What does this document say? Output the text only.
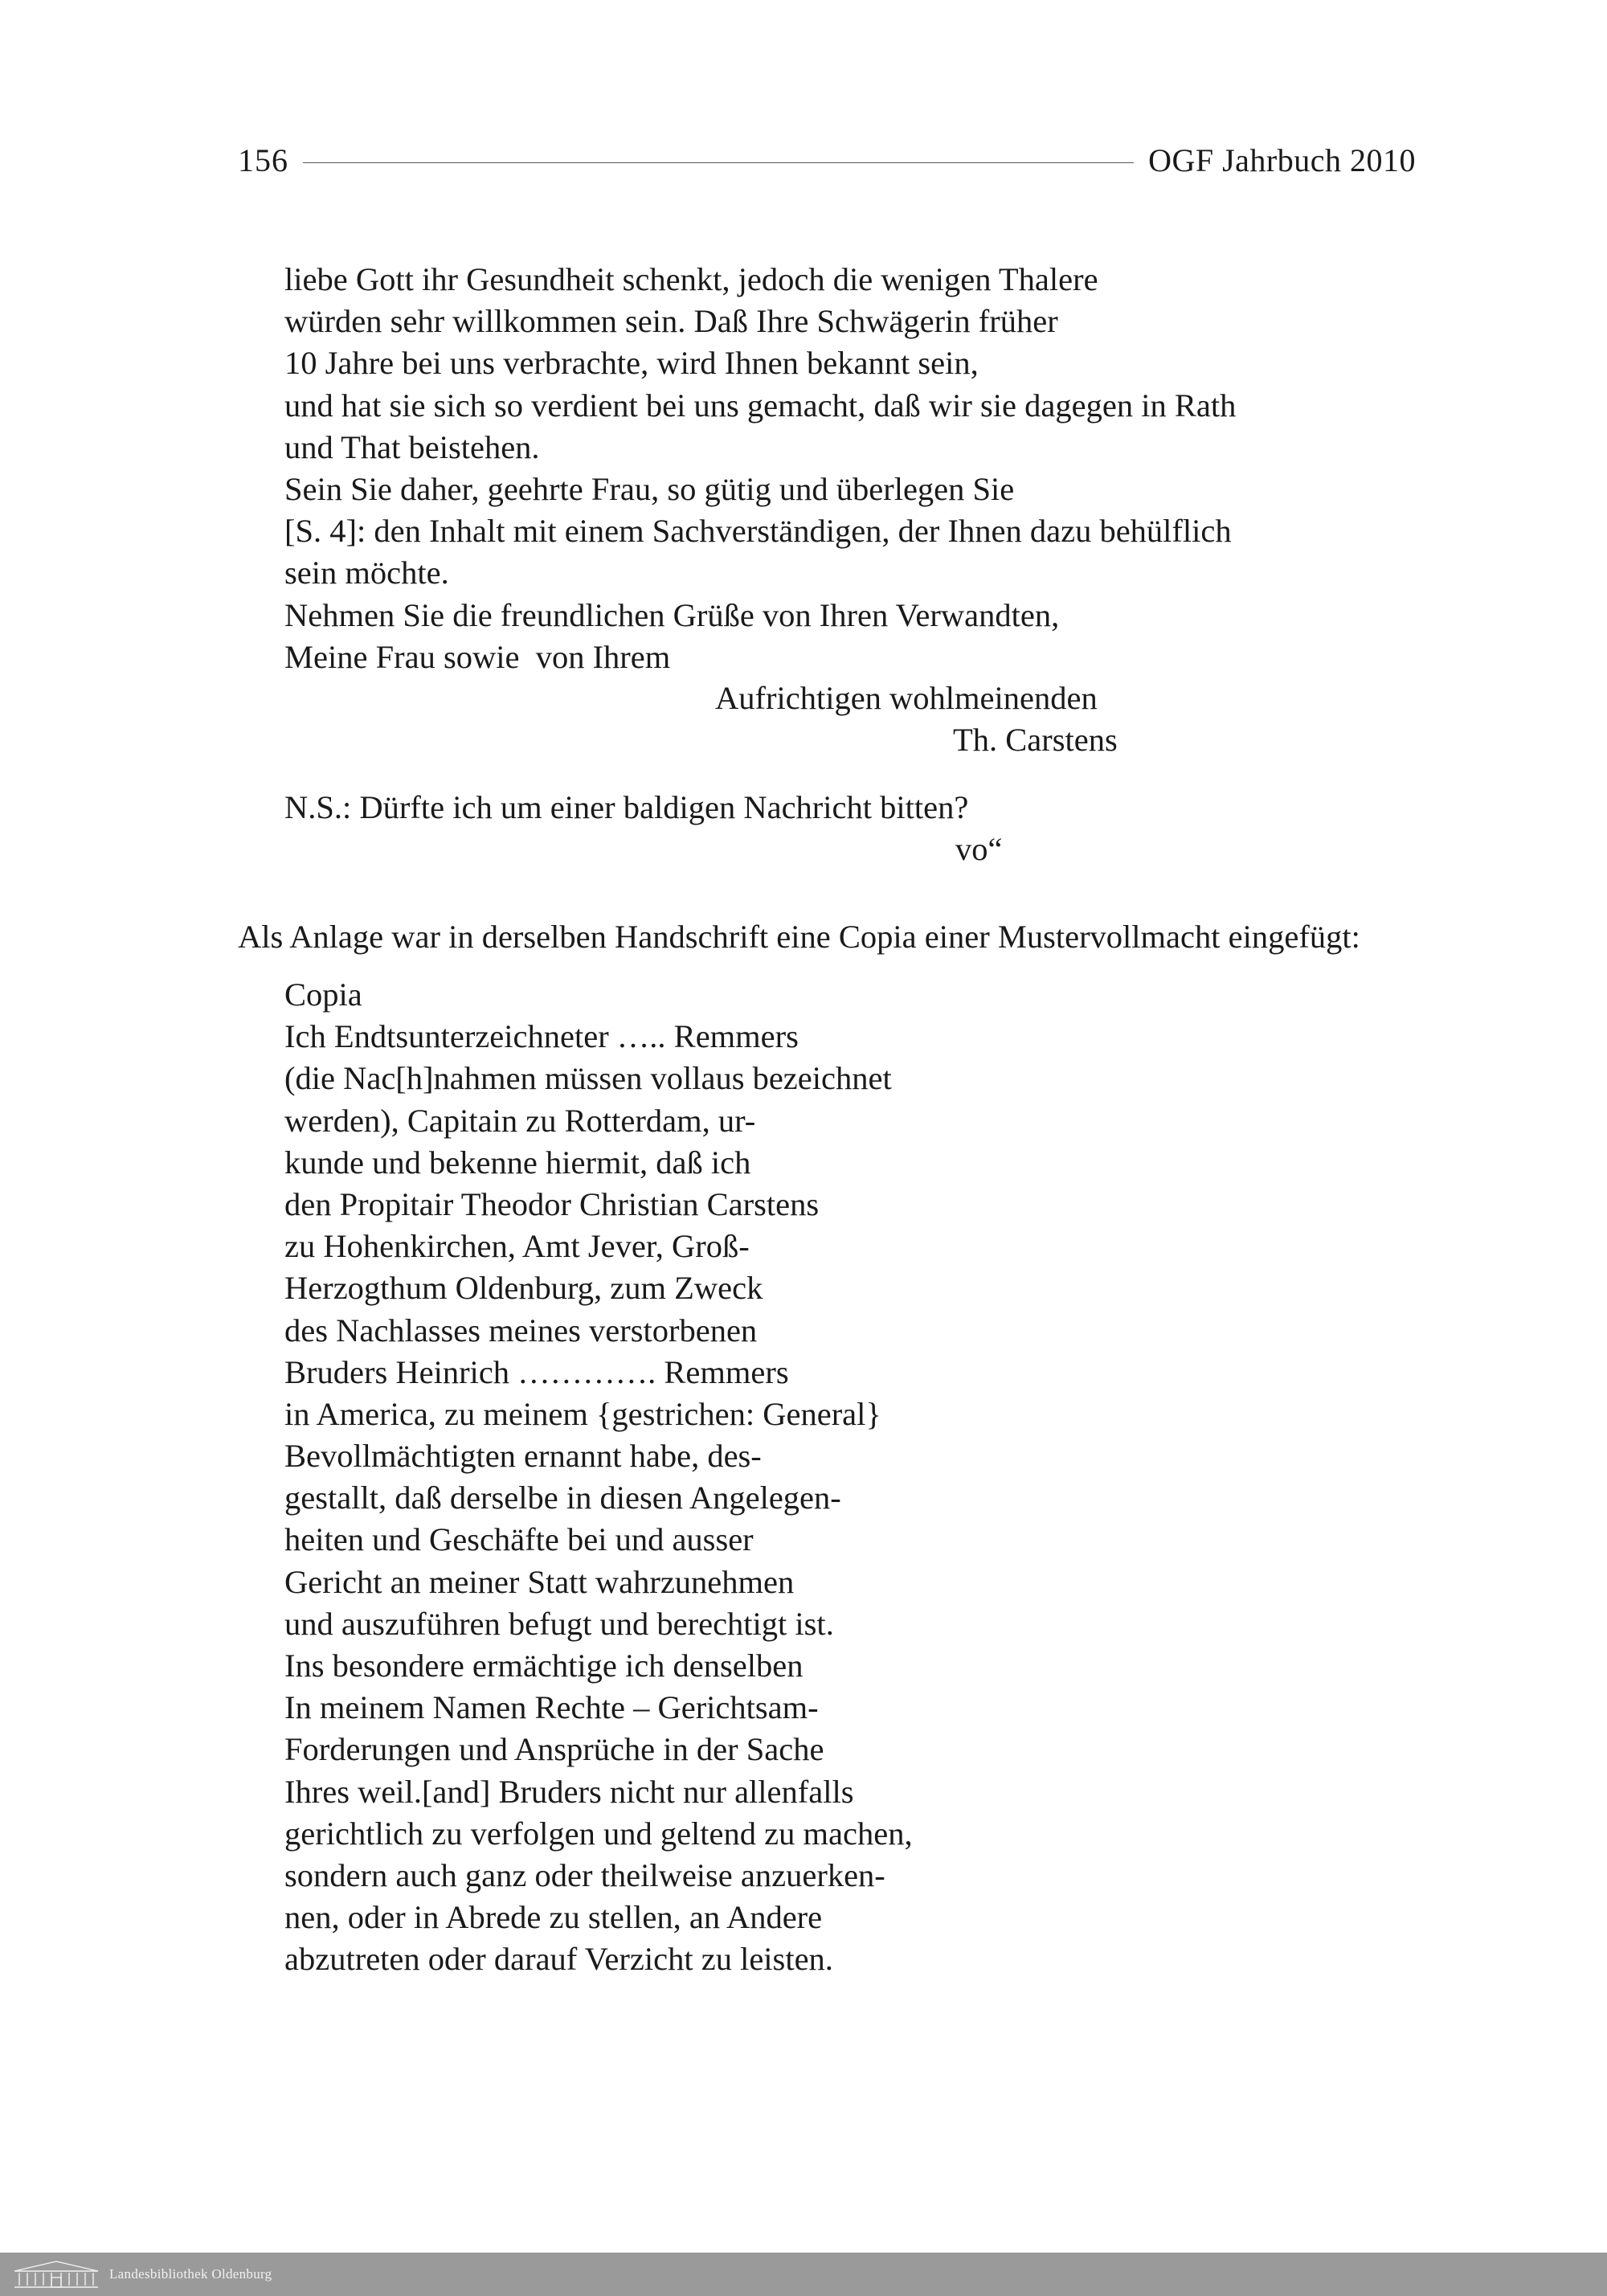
156	OGF Jahrbuch 2010
liebe Gott ihr Gesundheit schenkt, jedoch die wenigen Thalere
würden sehr willkommen sein. Daß Ihre Schwägerin früher
10 Jahre bei uns verbrachte, wird Ihnen bekannt sein,
und hat sie sich so verdient bei uns gemacht, daß wir sie dagegen in Rath
und That beistehen.
Sein Sie daher, geehrte Frau, so gütig und überlegen Sie
[S. 4]: den Inhalt mit einem Sachverständigen, der Ihnen dazu behülflich
sein möchte.
Nehmen Sie die freundlichen Grüße von Ihren Verwandten,
Meine Frau sowie  von Ihrem
Aufrichtigen wohlmeinenden
Th. Carstens
N.S.: Dürfte ich um einer baldigen Nachricht bitten?
vo“
Als Anlage war in derselben Handschrift eine Copia einer Mustervollmacht eingefügt:
Copia
Ich Endtsunterzeichneter ….. Remmers
(die Nac[h]nahmen müssen vollaus bezeichnet
werden), Capitain zu Rotterdam, ur-
kunde und bekenne hiermit, daß ich
den Propitair Theodor Christian Carstens
zu Hohenkirchen, Amt Jever, Groß-
Herzogthum Oldenburg, zum Zweck
des Nachlasses meines verstorbenen
Bruders Heinrich …………. Remmers
in America, zu meinem {gestrichen: General}
Bevollmächtigten ernannt habe, des-
gestallt, daß derselbe in diesen Angelegen-
heiten und Geschäfte bei und ausser
Gericht an meiner Statt wahrzunehmen
und auszuführen befugt und berechtigt ist.
Ins besondere ermächtige ich denselben
In meinem Namen Rechte – Gerichtsam-
Forderungen und Ansprüche in der Sache
Ihres weil.[and] Bruders nicht nur allenfalls
gerichtlich zu verfolgen und geltend zu machen,
sondern auch ganz oder theilweise anzuerken-
nen, oder in Abrede zu stellen, an Andere
abzutreten oder darauf Verzicht zu leisten.
Landesbibliothek Oldenburg
